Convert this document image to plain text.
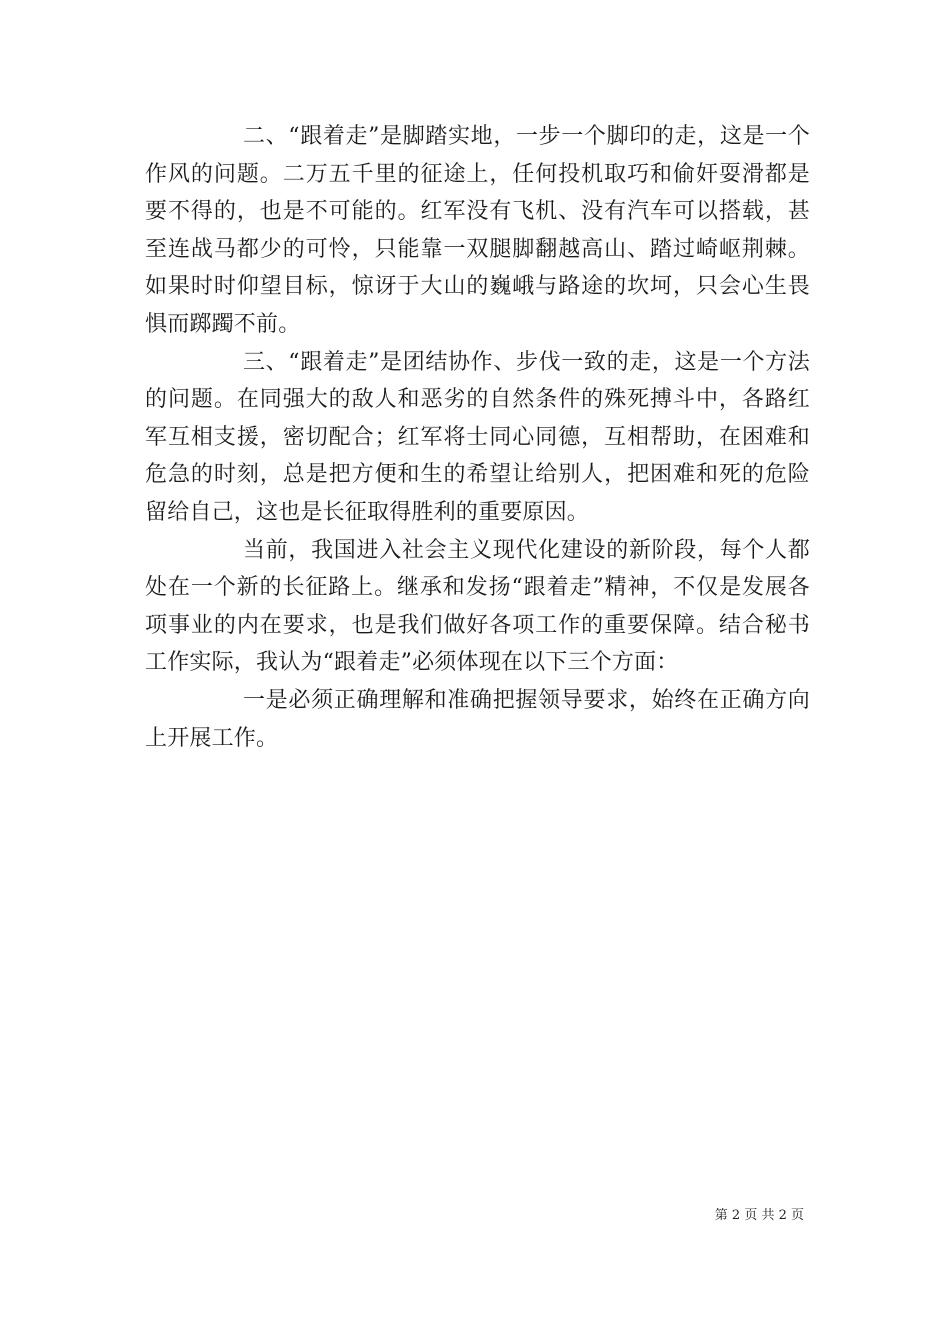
二、“跟着走”是脚踏实地，一步一个脚印的走，这是一个作风的问题。二万五千里的征途上，任何投机取巧和偷奸耍滑都是要不得的，也是不可能的。红军没有飞机、没有汽车可以搭载，甚至连战马都少的可怜，只能靠一双腿脚翻越高山、踏过崎岖荆棘。如果时时仰望目标，惊讶于大山的巍峨与路途的坎坷，只会心生畏惧而踯躅不前。

三、“跟着走”是团结协作、步伐一致的走，这是一个方法的问题。在同强大的敌人和恶劣的自然条件的殊死搏斗中，各路红军互相支援，密切配合；红军将士同心同德，互相帮助，在困难和危急的时刻，总是把方便和生的希望让给别人，把困难和死的危险留给自己，这也是长征取得胜利的重要原因。

当前，我国进入社会主义现代化建设的新阶段，每个人都处在一个新的长征路上。继承和发扬“跟着走”精神，不仅是发展各项事业的内在要求，也是我们做好各项工作的重要保障。结合秘书工作实际，我认为“跟着走”必须体现在以下三个方面：

一是必须正确理解和准确把握领导要求，始终在正确方向上开展工作。

第 2 页 共 2 页
